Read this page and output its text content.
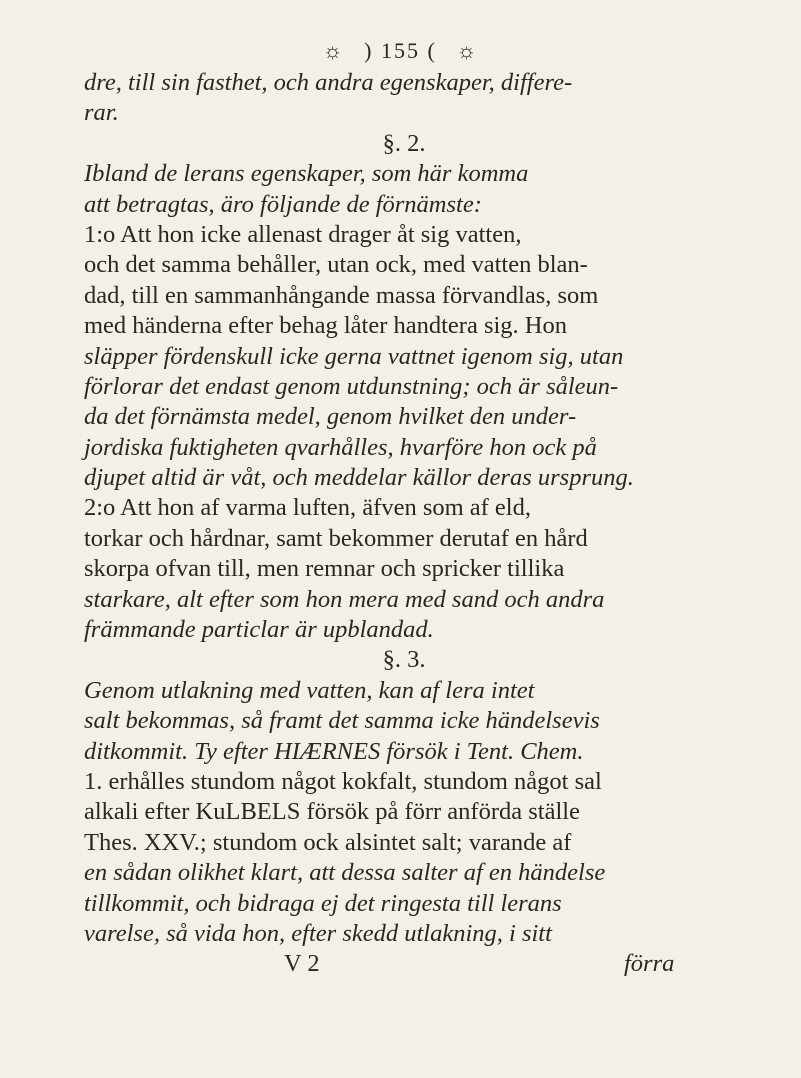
☼ ) 155 ( ☼
dre, till sin fasthet, och andra egenskaper, differe-
rar.
§. 2.
Ibland de lerans egenskaper, som här komma
att betragtas, äro följande de förnämste:
1:o Att hon icke allenast drager åt sig vatten,
och det samma behåller, utan ock, med vatten blan-
dad, till en sammanhångande massa förvandlas, som
med händerna efter behag låter handtera sig. Hon
släpper fördenskull icke gerna vattnet igenom sig, utan
förlorar det endast genom utdunstning; och är såleun-
da det förnämsta medel, genom hvilket den under-
jordiska fuktigheten qvarhålles, hvarföre hon ock på
djupet altid är våt, och meddelar källor deras ursprung.
2:o Att hon af varma luften, äfven som af eld,
torkar och hårdnar, samt bekommer derutaf en hård
skorpa ofvan till, men remnar och spricker tillika
starkare, alt efter som hon mera med sand och andra
främmande particlar är upblandad.
§. 3.
Genom utlakning med vatten, kan af lera intet
salt bekommas, så framt det samma icke händelsevis
ditkommit. Ty efter HIÆRNES försök i Tent. Chem.
1. erhålles stundom något kokfalt, stundom något sal
alkali efter KuLBELS försök på förr anförda ställe
Thes. XXV.; stundom ock alsintet salt; varande af
en sådan olikhet klart, att dessa salter af en händelse
tillkommit, och bidraga ej det ringesta till lerans
varelse, så vida hon, efter skedd utlakning, i sitt
V 2	förra
